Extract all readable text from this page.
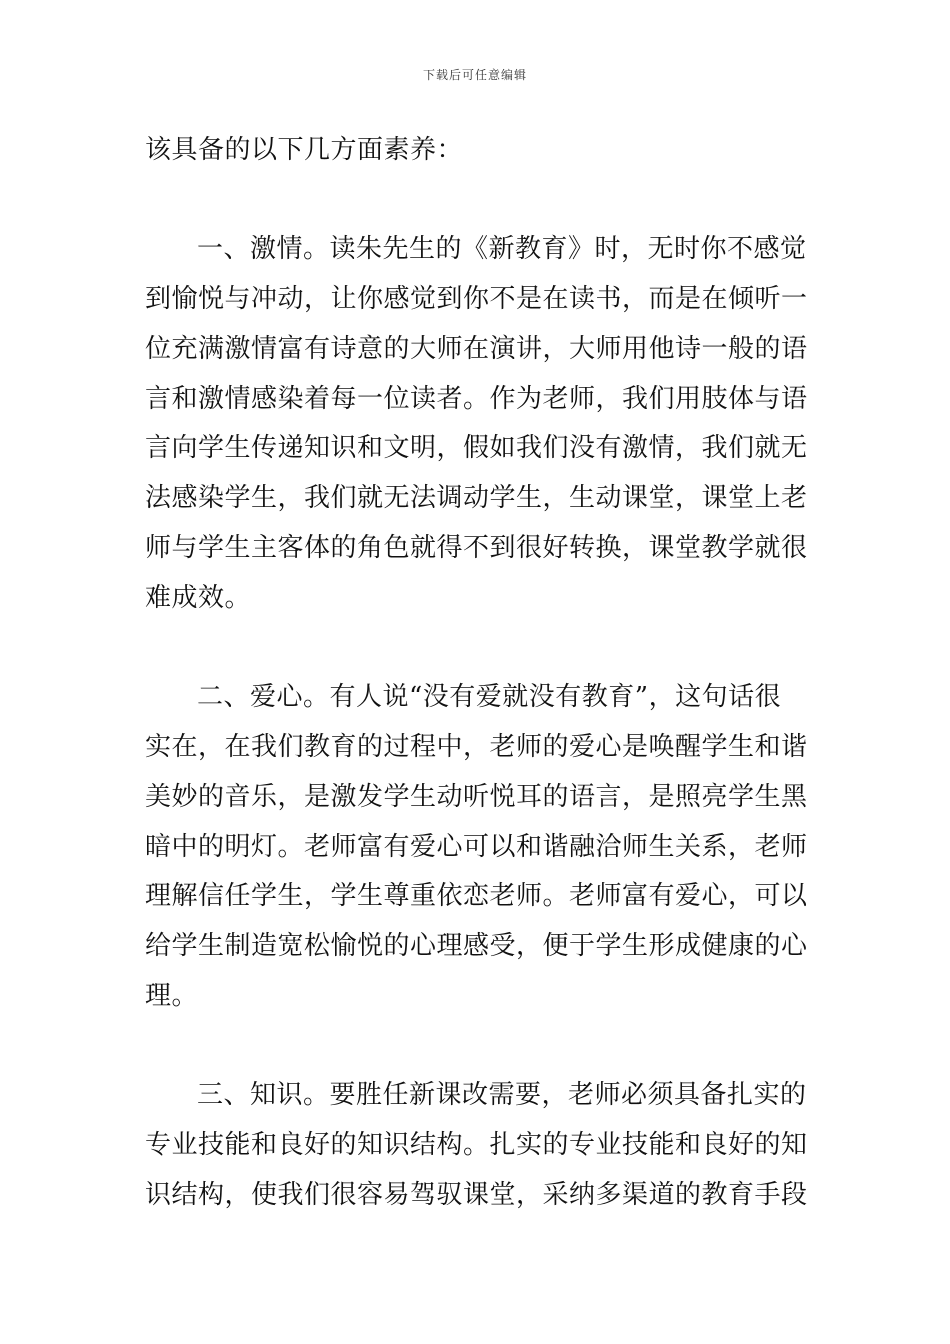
下载后可任意编辑
该具备的以下几方面素养：
一、激情。读朱先生的《新教育》时，无时你不感觉
到愉悦与冲动，让你感觉到你不是在读书，而是在倾听一
位充满激情富有诗意的大师在演讲，大师用他诗一般的语
言和激情感染着每一位读者。作为老师，我们用肢体与语
言向学生传递知识和文明，假如我们没有激情，我们就无
法感染学生，我们就无法调动学生，生动课堂，课堂上老
师与学生主客体的角色就得不到很好转换，课堂教学就很
难成效。
二、爱心。有人说“没有爱就没有教育”，这句话很
实在，在我们教育的过程中，老师的爱心是唤醒学生和谐
美妙的音乐，是激发学生动听悦耳的语言，是照亮学生黑
暗中的明灯。老师富有爱心可以和谐融洽师生关系，老师
理解信任学生，学生尊重依恋老师。老师富有爱心，可以
给学生制造宽松愉悦的心理感受，便于学生形成健康的心
理。
三、知识。要胜任新课改需要，老师必须具备扎实的
专业技能和良好的知识结构。扎实的专业技能和良好的知
识结构，使我们很容易驾驭课堂，采纳多渠道的教育手段
